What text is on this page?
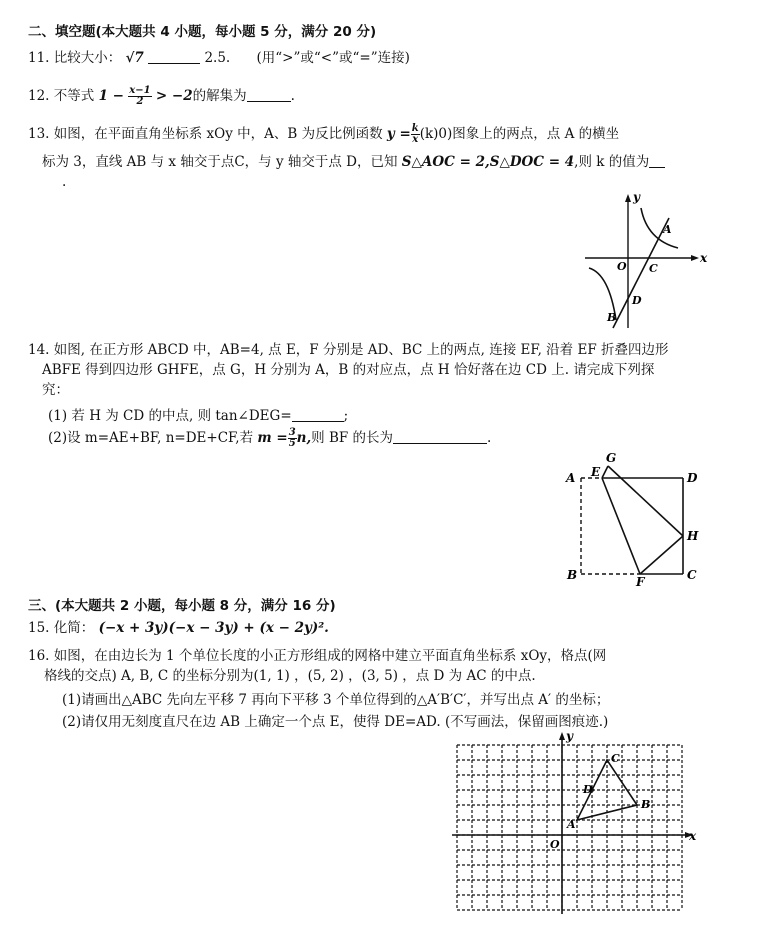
二、填空题(本大题共 4 小题，每小题 5 分，满分 20 分)
11. 比较大小： √7	2.5. (用“>”或“<”或“=”连接)
12. 不等式 $1 - \frac{x-1}{2} > -2$的解集为	.
13. 如图，在平面直角坐标系 xOy 中，A、B 为反比例函数 $y = \frac{k}{x} (k)0$)图象上的两点，点 A 的横坐
标为 3，直线 AB 与 x 轴交于点C，与 y 轴交于点 D，已知 S△AOC = 2,S△DOC = 4,则 k 的值为
.
y
x
O
A
C
D
B
14. 如图, 在正方形 ABCD 中，AB=4, 点 E，F 分别是 AD、BC 上的两点, 连接 EF, 沿着 EF 折叠四边形
ABFE 得到四边形 GHFE，点 G，H 分别为 A，B 的对应点，点 H 恰好落在边 CD 上. 请完成下列探
究：
(1) 若 H 为 CD 的中点, 则 tan∠DEG=	;
(2)设 m=AE+BF, n=DE+CF,若 $m = \frac{3}{5} n$,则 BF 的长为	.
A E
G
D
H
B	F	C
三、(本大题共 2 小题，每小题 8 分，满分 16 分)
15. 化简： (−x + 3y)(−x − 3y) + (x − 2y)².
16. 如图，在由边长为 1 个单位长度的小正方形组成的网格中建立平面直角坐标系 xOy，格点(网
格线的交点) A, B, C 的坐标分别为(1, 1) ，(5, 2) ，(3, 5) ，点 D 为 AC 的中点.
(1)请画出△ABC 先向左平移 7 再向下平移 3 个单位得到的△A′B′C′，并写出点 A′ 的坐标；
(2)请仅用无刻度直尺在边 AB 上确定一个点 E，使得 DE=AD. (不写画法，保留画图痕迹.)
y
x
O
A
B
C
D
